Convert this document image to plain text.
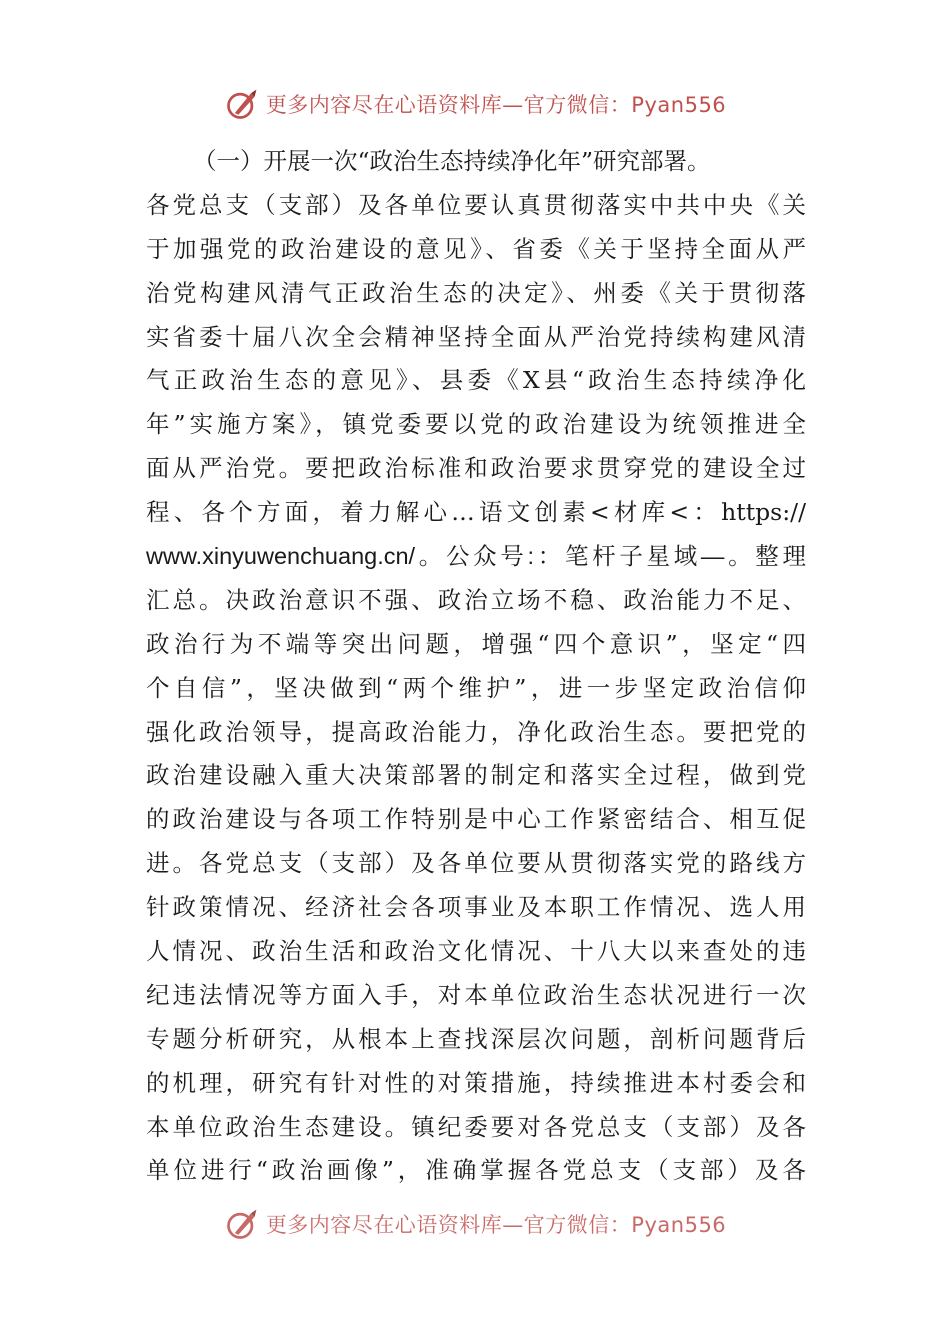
更多内容尽在心语资料库—官方微信：Pyan556
（一）开展一次“政治生态持续净化年”研究部署。
各党总支（支部）及各单位要认真贯彻落实中共中央《关
于加强党的政治建设的意见》、省委《关于坚持全面从严
治党构建风清气正政治生态的决定》、州委《关于贯彻落
实省委十届八次全会精神坚持全面从严治党持续构建风清
气正政治生态的意见》、县委《X县“政治生态持续净化
年”实施方案》，镇党委要以党的政治建设为统领推进全
面从严治党。要把政治标准和政治要求贯穿党的建设全过
程、各个方面，着力解心…语文创素<材库<：https://
www.xinyuwenchuang.cn/。公众号:：笔杆子星域—。整理
汇总。决政治意识不强、政治立场不稳、政治能力不足、
政治行为不端等突出问题，增强“四个意识”，坚定“四
个自信”，坚决做到“两个维护”，进一步坚定政治信仰
强化政治领导，提高政治能力，净化政治生态。要把党的
政治建设融入重大决策部署的制定和落实全过程，做到党
的政治建设与各项工作特别是中心工作紧密结合、相互促
进。各党总支（支部）及各单位要从贯彻落实党的路线方
针政策情况、经济社会各项事业及本职工作情况、选人用
人情况、政治生活和政治文化情况、十八大以来查处的违
纪违法情况等方面入手，对本单位政治生态状况进行一次
专题分析研究，从根本上查找深层次问题，剖析问题背后
的机理，研究有针对性的对策措施，持续推进本村委会和
本单位政治生态建设。镇纪委要对各党总支（支部）及各
单位进行“政治画像”，准确掌握各党总支（支部）及各
更多内容尽在心语资料库—官方微信：Pyan556
